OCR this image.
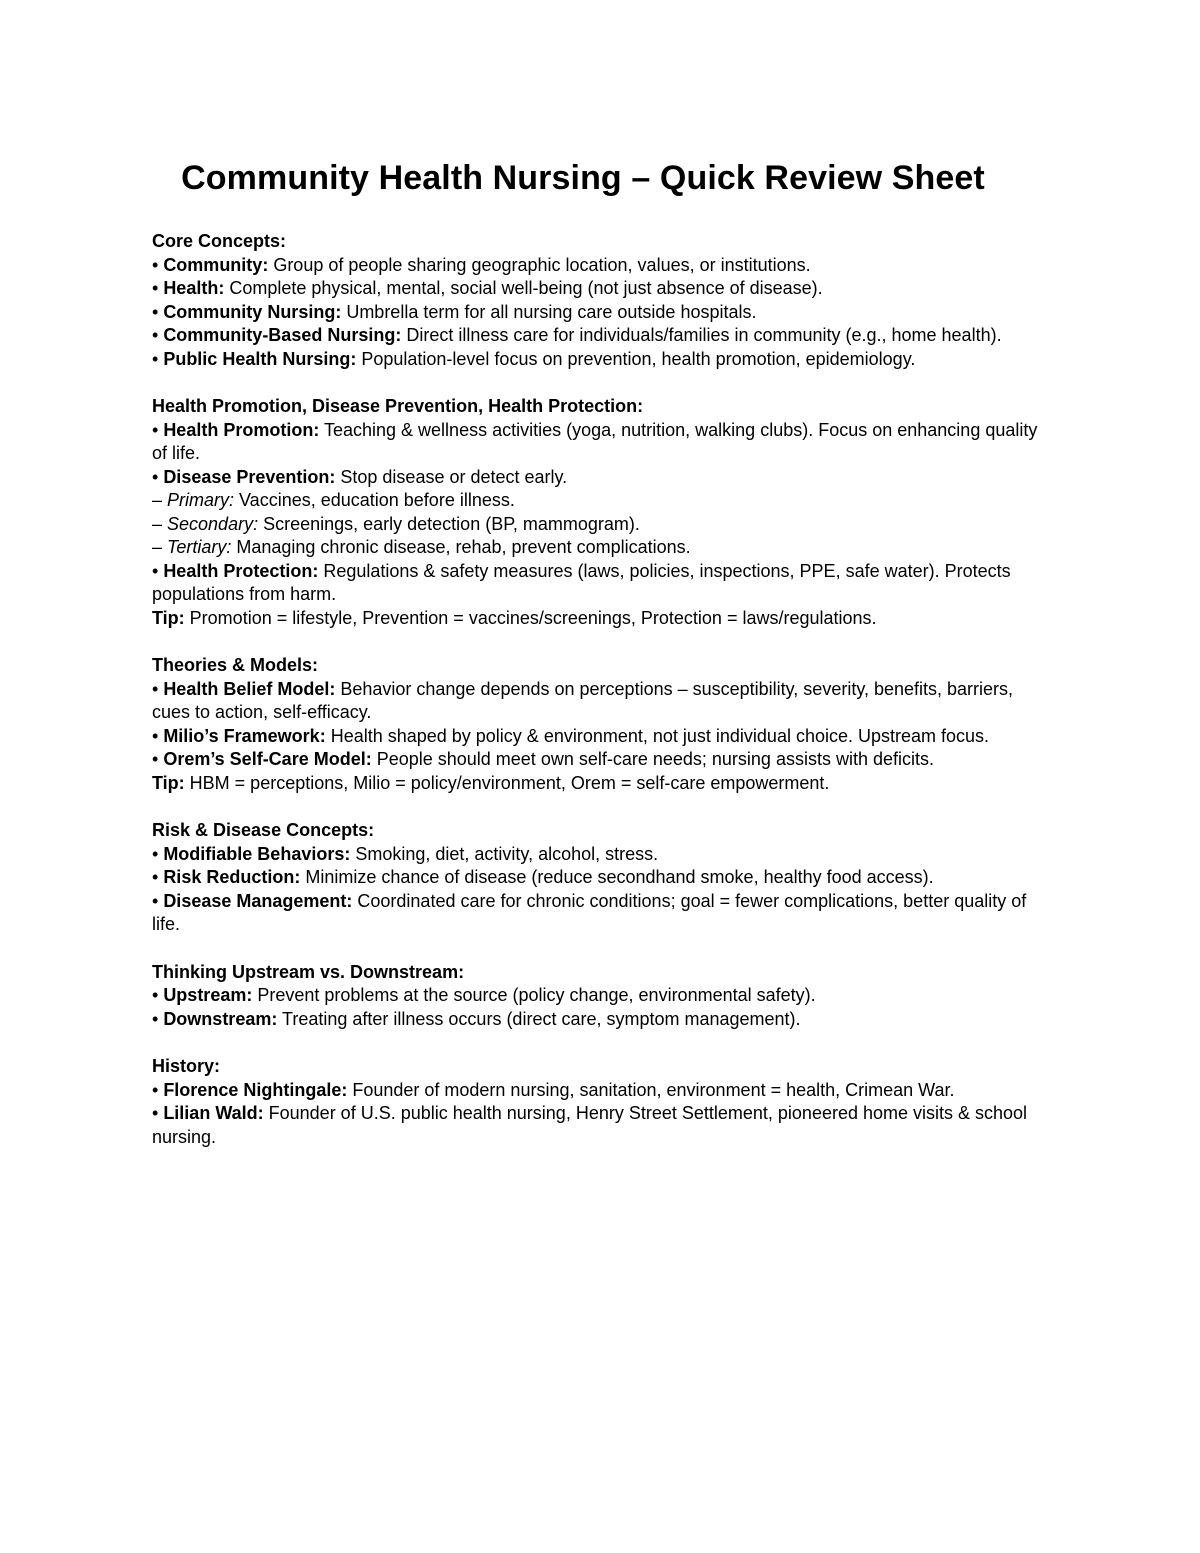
Community Health Nursing – Quick Review Sheet

Core Concepts:

• Community: Group of people sharing geographic location, values, or institutions.

• Health: Complete physical, mental, social well-being (not just absence of disease).

• Community Nursing: Umbrella term for all nursing care outside hospitals.

• Community-Based Nursing: Direct illness care for individuals/families in community (e.g., home health).

• Public Health Nursing: Population-level focus on prevention, health promotion, epidemiology.

Health Promotion, Disease Prevention, Health Protection:

• Health Promotion: Teaching & wellness activities (yoga, nutrition, walking clubs). Focus on enhancing quality of life.

• Disease Prevention: Stop disease or detect early.

– Primary: Vaccines, education before illness.

– Secondary: Screenings, early detection (BP, mammogram).

– Tertiary: Managing chronic disease, rehab, prevent complications.

• Health Protection: Regulations & safety measures (laws, policies, inspections, PPE, safe water). Protects populations from harm.

Tip: Promotion = lifestyle, Prevention = vaccines/screenings, Protection = laws/regulations.

Theories & Models:

• Health Belief Model: Behavior change depends on perceptions – susceptibility, severity, benefits, barriers, cues to action, self-efficacy.

• Milio’s Framework: Health shaped by policy & environment, not just individual choice. Upstream focus.

• Orem’s Self-Care Model: People should meet own self-care needs; nursing assists with deficits.

Tip: HBM = perceptions, Milio = policy/environment, Orem = self-care empowerment.

Risk & Disease Concepts:

• Modifiable Behaviors: Smoking, diet, activity, alcohol, stress.

• Risk Reduction: Minimize chance of disease (reduce secondhand smoke, healthy food access).

• Disease Management: Coordinated care for chronic conditions; goal = fewer complications, better quality of life.

Thinking Upstream vs. Downstream:

• Upstream: Prevent problems at the source (policy change, environmental safety).

• Downstream: Treating after illness occurs (direct care, symptom management).

History:

• Florence Nightingale: Founder of modern nursing, sanitation, environment = health, Crimean War.

• Lilian Wald: Founder of U.S. public health nursing, Henry Street Settlement, pioneered home visits & school nursing.
